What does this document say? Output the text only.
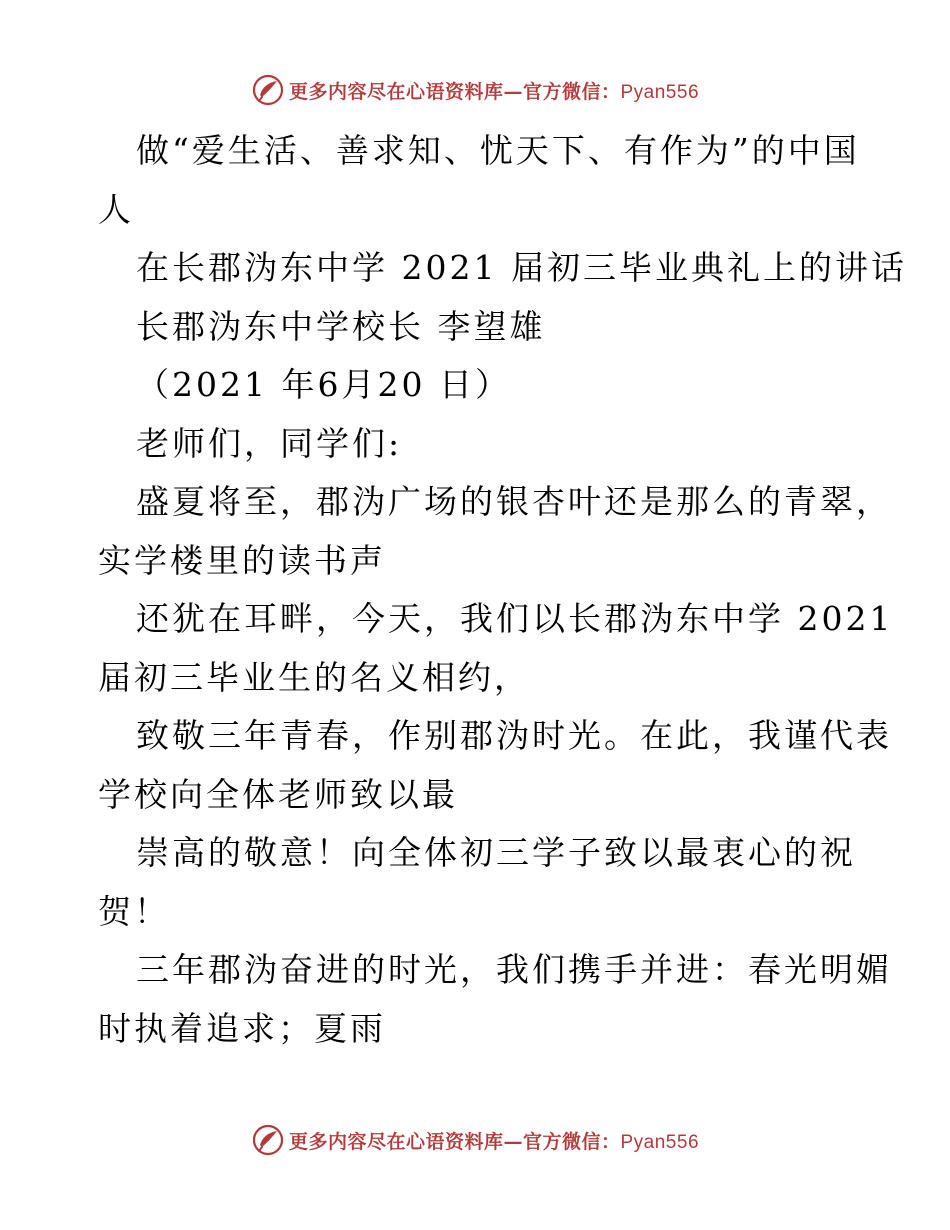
更多内容尽在心语资料库—官方微信：Pyan556
做“爱生活、善求知、忧天下、有作为”的中国
人
在长郡沩东中学 2021 届初三毕业典礼上的讲话
长郡沩东中学校长 李望雄
（2021 年6月20 日）
老师们，同学们:
盛夏将至，郡沩广场的银杏叶还是那么的青翠，
实学楼里的读书声
还犹在耳畔，今天，我们以长郡沩东中学 2021
届初三毕业生的名义相约，
致敬三年青春，作别郡沩时光。在此，我谨代表
学校向全体老师致以最
崇高的敬意！向全体初三学子致以最衷心的祝
贺！
三年郡沩奋进的时光，我们携手并进：春光明媚
时执着追求；夏雨
更多内容尽在心语资料库—官方微信：Pyan556
